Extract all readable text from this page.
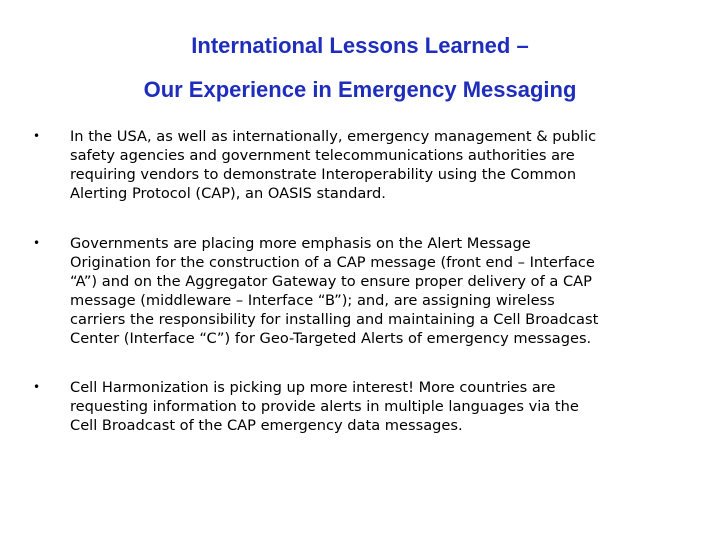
International Lessons Learned –
Our Experience in Emergency Messaging
•	In the USA, as well as internationally, emergency management & public
safety agencies and government telecommunications authorities are
requiring vendors to demonstrate Interoperability using the Common
Alerting Protocol (CAP), an OASIS standard.
•	Governments are placing more emphasis on the Alert Message
Origination for the construction of a CAP message (front end – Interface
“A”) and on the Aggregator Gateway to ensure proper delivery of a CAP
message (middleware – Interface “B”); and, are assigning wireless
carriers the responsibility for installing and maintaining a Cell Broadcast
Center (Interface “C”) for Geo-Targeted Alerts of emergency messages.
•	Cell Harmonization is picking up more interest! More countries are
requesting information to provide alerts in multiple languages via the
Cell Broadcast of the CAP emergency data messages.
